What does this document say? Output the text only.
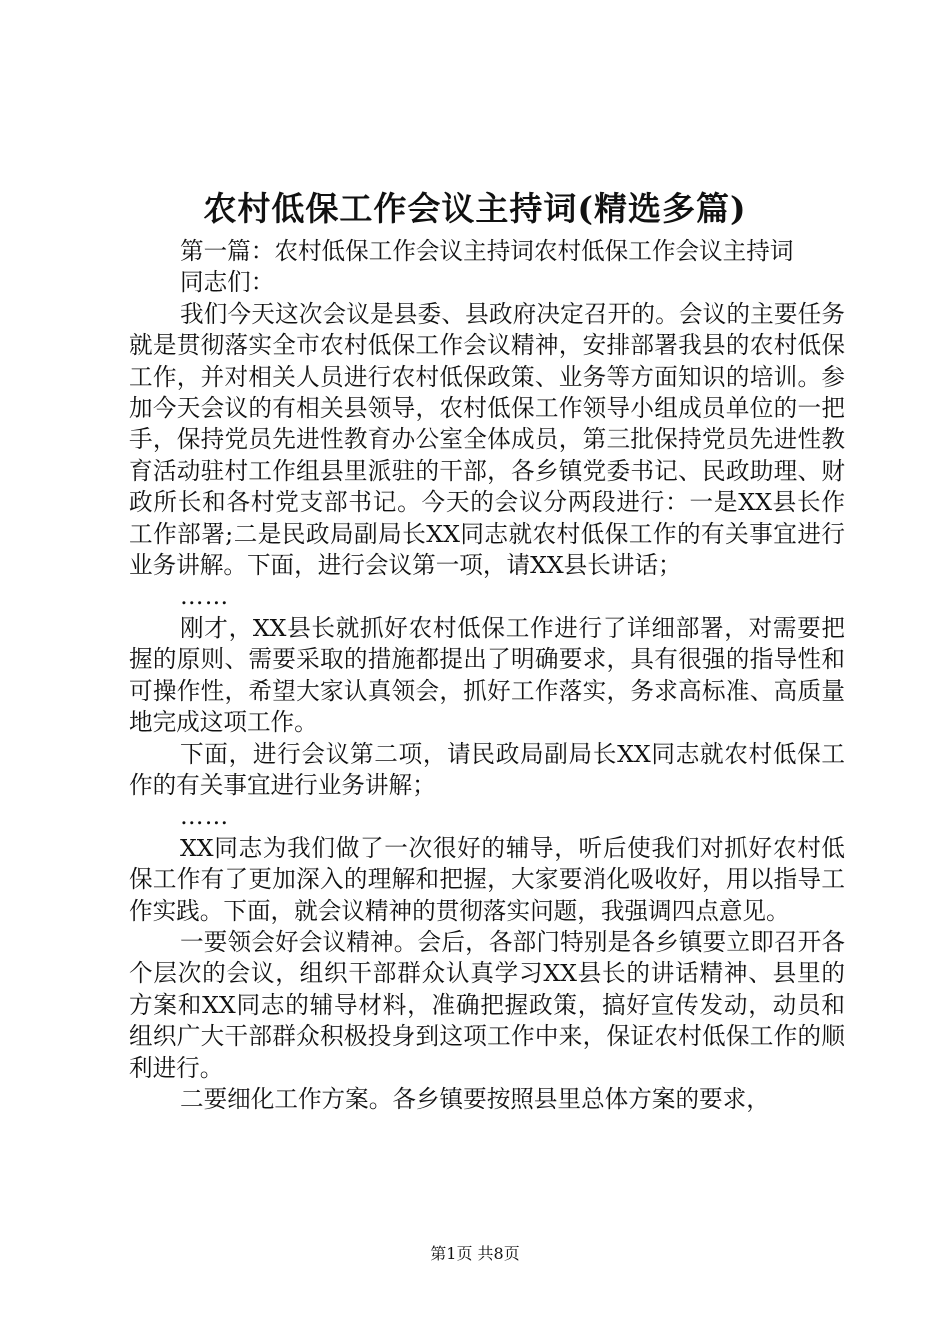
农村低保工作会议主持词(精选多篇)

第一篇：农村低保工作会议主持词农村低保工作会议主持词

同志们：

我们今天这次会议是县委、县政府决定召开的。会议的主要任务就是贯彻落实全市农村低保工作会议精神，安排部署我县的农村低保工作，并对相关人员进行农村低保政策、业务等方面知识的培训。参加今天会议的有相关县领导，农村低保工作领导小组成员单位的一把手，保持党员先进性教育办公室全体成员，第三批保持党员先进性教育活动驻村工作组县里派驻的干部，各乡镇党委书记、民政助理、财政所长和各村党支部书记。今天的会议分两段进行：一是XX县长作工作部署;二是民政局副局长XX同志就农村低保工作的有关事宜进行业务讲解。下面，进行会议第一项，请XX县长讲话；

……

刚才，XX县长就抓好农村低保工作进行了详细部署，对需要把握的原则、需要采取的措施都提出了明确要求，具有很强的指导性和可操作性，希望大家认真领会，抓好工作落实，务求高标准、高质量地完成这项工作。

下面，进行会议第二项，请民政局副局长XX同志就农村低保工作的有关事宜进行业务讲解；

……

XX同志为我们做了一次很好的辅导，听后使我们对抓好农村低保工作有了更加深入的理解和把握，大家要消化吸收好，用以指导工作实践。下面，就会议精神的贯彻落实问题，我强调四点意见。

一要领会好会议精神。会后，各部门特别是各乡镇要立即召开各个层次的会议，组织干部群众认真学习XX县长的讲话精神、县里的方案和XX同志的辅导材料，准确把握政策，搞好宣传发动，动员和组织广大干部群众积极投身到这项工作中来，保证农村低保工作的顺利进行。

二要细化工作方案。各乡镇要按照县里总体方案的要求，

第1页 共8页
